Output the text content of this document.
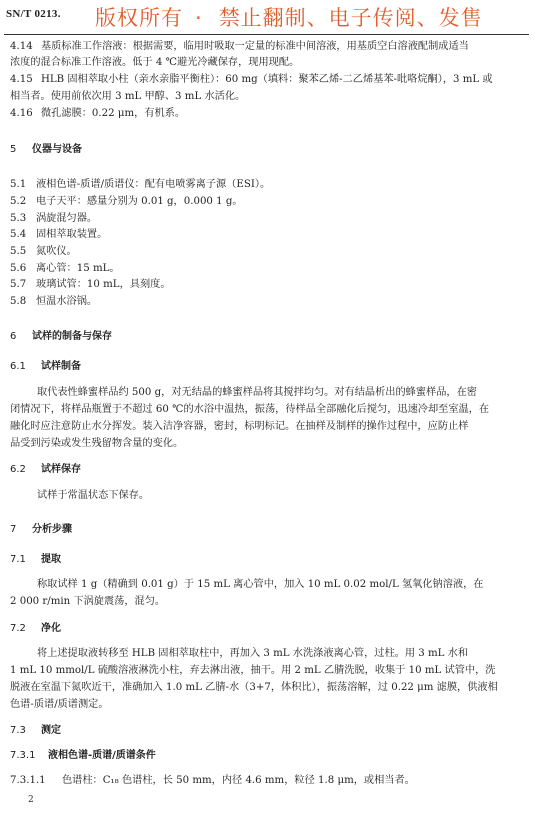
SN/T 0213. 版权所有 · 禁止翻制、电子传阅、发售
4.14 基质标准工作溶液：根据需要，临用时吸取一定量的标准中间溶液，用基质空白溶液配制成适当
浓度的混合标准工作溶液。低于 4 ℃避光冷藏保存，现用现配。
4.15 HLB 固相萃取小柱（亲水亲脂平衡柱）：60 mg（填料：聚苯乙烯-二乙烯基苯-吡咯烷酮），3 mL 或
相当者。使用前依次用 3 mL 甲醇、3 mL 水活化。
4.16 微孔滤膜：0.22 μm，有机系。
5 仪器与设备
5.1 液相色谱-质谱/质谱仪：配有电喷雾离子源（ESI）。
5.2 电子天平：感量分别为 0.01 g，0.000 1 g。
5.3 涡旋混匀器。
5.4 固相萃取装置。
5.5 氮吹仪。
5.6 离心管：15 mL。
5.7 玻璃试管：10 mL，具刻度。
5.8 恒温水浴锅。
6 试样的制备与保存
6.1 试样制备
取代表性蜂蜜样品约 500 g，对无结晶的蜂蜜样品将其搅拌均匀。对有结晶析出的蜂蜜样品，在密
闭情况下，将样品瓶置于不超过 60 ℃的水浴中温热，振荡，待样品全部融化后搅匀，迅速冷却至室温，在
融化时应注意防止水分挥发。装入洁净容器，密封，标明标记。在抽样及制样的操作过程中，应防止样
品受到污染或发生残留物含量的变化。
6.2 试样保存
试样于常温状态下保存。
7 分析步骤
7.1 提取
称取试样 1 g（精确到 0.01 g）于 15 mL 离心管中，加入 10 mL 0.02 mol/L 氢氧化钠溶液，在
2 000 r/min 下涡旋震荡，混匀。
7.2 净化
将上述提取液转移至 HLB 固相萃取柱中，再加入 3 mL 水洗涤液离心管，过柱。用 3 mL 水和
1 mL 10 mmol/L 硫酸溶液淋洗小柱，弃去淋出液，抽干。用 2 mL 乙腈洗脱，收集于 10 mL 试管中，洗
脱液在室温下氮吹近干，准确加入 1.0 mL 乙腈-水（3+7，体积比），振荡溶解，过 0.22 μm 滤膜，供液相
色谱-质谱/质谱测定。
7.3 测定
7.3.1 液相色谱-质谱/质谱条件
7.3.1.1 色谱柱：C₁₈ 色谱柱，长 50 mm，内径 4.6 mm，粒径 1.8 μm，或相当者。
2
